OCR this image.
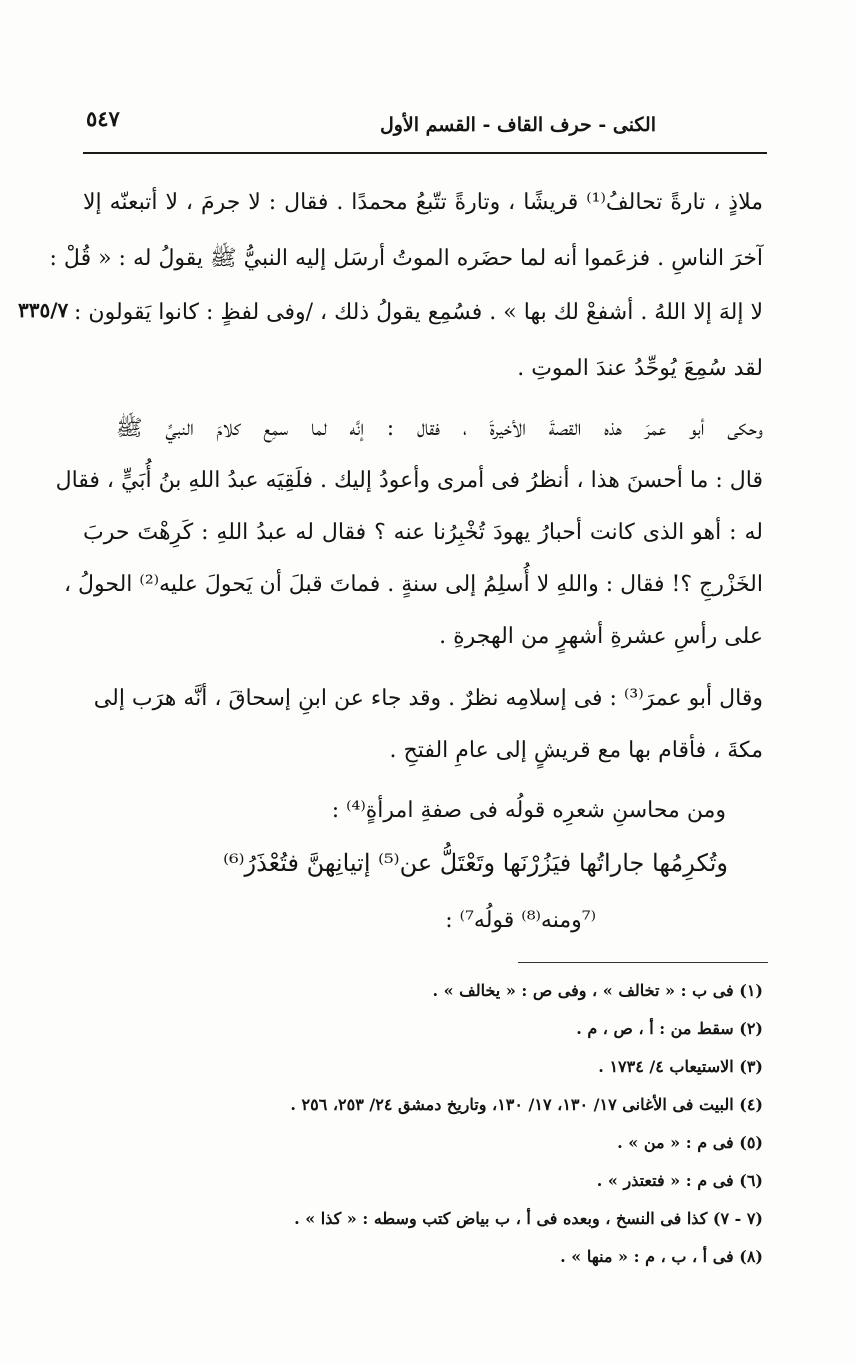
٥٤٧	الكنى - حرف القاف - القسم الأول
٣٣٥/٧
ملاذٍ ، تارةً تحالفُ⁽¹⁾ قريشًا ، وتارةً تتّبعُ محمدًا . فقال : لا جرمَ ، لا أتبعنّه إلا
آخرَ الناسِ . فزعَموا أنه لما حضَره الموتُ أرسَل إليه النبيُّ ﷺ يقولُ له : « قُلْ :
لا إلهَ إلا اللهُ . أشفعْ لك بها » . فسُمِع يقولُ ذلك ، /وفى لفظٍ : كانوا يَقولون :
لقد سُمِعَ يُوحِّدُ عندَ الموتِ .
وحكى أبو عمرَ هذه القصةَ الأخيرةَ ، فقال : إنَّه لما سمِع كلامَ النبيِّ ﷺ
قال : ما أحسنَ هذا ، أنظرُ فى أمرى وأعودُ إليك . فلَقِيَه عبدُ اللهِ بنُ أُبَيٍّ ، فقال
له : أهو الذى كانت أحبارُ يهودَ تُخْبِرُنا عنه ؟ فقال له عبدُ اللهِ : كَرِهْتَ حربَ
الخَزْرجِ ؟! فقال : واللهِ لا أُسلِمُ إلى سنةٍ . فماتَ قبلَ أن يَحولَ عليه⁽²⁾ الحولُ ،
على رأسِ عشرةِ أشهرٍ من الهجرةِ .
وقال أبو عمرَ⁽³⁾ : فى إسلامِه نظرٌ . وقد جاء عن ابنِ إسحاقَ ، أنَّه هرَب إلى
مكةَ ، فأقام بها مع قريشٍ إلى عامِ الفتحِ .
ومن محاسنِ شعرِه قولُه فى صفةِ امرأةٍ⁽⁴⁾ :
وتُكرِمُها جاراتُها فيَزُرْنَها وتَعْتَلُّ عن⁽⁵⁾ إتيانِهنَّ فتُعْذَرُ⁽⁶⁾
⁽⁷ومنه⁽⁸⁾ قولُه⁷⁾ :
(١) فى ب : « تخالف » ، وفى ص : « يخالف » .
(٢) سقط من : أ ، ص ، م .
(٣) الاستيعاب ٤/ ١٧٣٤ .
(٤) البيت فى الأغانى ١٧/ ١٣٠، ١٧/ ١٣٠، وتاريخ دمشق ٢٤/ ٢٥٣، ٢٥٦ .
(٥) فى م : « من » .
(٦) فى م : « فتعتذر » .
(٧ - ٧) كذا فى النسخ ، وبعده فى أ ، ب بياض كتب وسطه : « كذا » .
(٨) فى أ ، ب ، م : « منها » .
